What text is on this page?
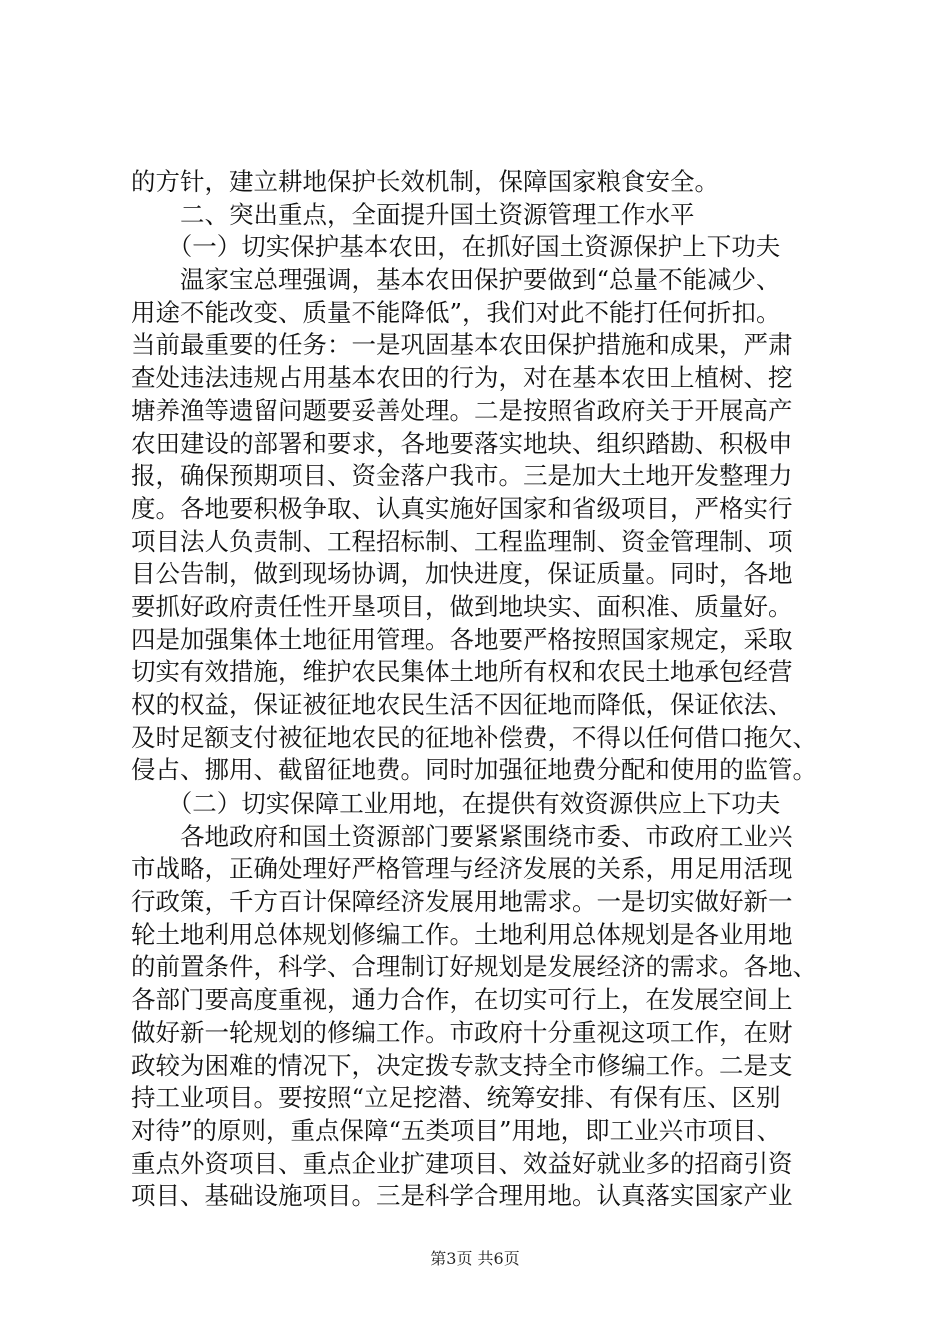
的方针，建立耕地保护长效机制，保障国家粮食安全。
　　二、突出重点，全面提升国土资源管理工作水平
　　（一）切实保护基本农田，在抓好国土资源保护上下功夫
　　温家宝总理强调，基本农田保护要做到“总量不能减少、
用途不能改变、质量不能降低”，我们对此不能打任何折扣。
当前最重要的任务：一是巩固基本农田保护措施和成果，严肃
查处违法违规占用基本农田的行为，对在基本农田上植树、挖
塘养渔等遗留问题要妥善处理。二是按照省政府关于开展高产
农田建设的部署和要求，各地要落实地块、组织踏勘、积极申
报，确保预期项目、资金落户我市。三是加大土地开发整理力
度。各地要积极争取、认真实施好国家和省级项目，严格实行
项目法人负责制、工程招标制、工程监理制、资金管理制、项
目公告制，做到现场协调，加快进度，保证质量。同时，各地
要抓好政府责任性开垦项目，做到地块实、面积准、质量好。
四是加强集体土地征用管理。各地要严格按照国家规定，采取
切实有效措施，维护农民集体土地所有权和农民土地承包经营
权的权益，保证被征地农民生活不因征地而降低，保证依法、
及时足额支付被征地农民的征地补偿费，不得以任何借口拖欠、
侵占、挪用、截留征地费。同时加强征地费分配和使用的监管。
　　（二）切实保障工业用地，在提供有效资源供应上下功夫
　　各地政府和国土资源部门要紧紧围绕市委、市政府工业兴
市战略，正确处理好严格管理与经济发展的关系，用足用活现
行政策，千方百计保障经济发展用地需求。一是切实做好新一
轮土地利用总体规划修编工作。土地利用总体规划是各业用地
的前置条件，科学、合理制订好规划是发展经济的需求。各地、
各部门要高度重视，通力合作，在切实可行上，在发展空间上
做好新一轮规划的修编工作。市政府十分重视这项工作，在财
政较为困难的情况下，决定拨专款支持全市修编工作。二是支
持工业项目。要按照“立足挖潜、统筹安排、有保有压、区别
对待”的原则，重点保障“五类项目”用地，即工业兴市项目、
重点外资项目、重点企业扩建项目、效益好就业多的招商引资
项目、基础设施项目。三是科学合理用地。认真落实国家产业
第3页 共6页
